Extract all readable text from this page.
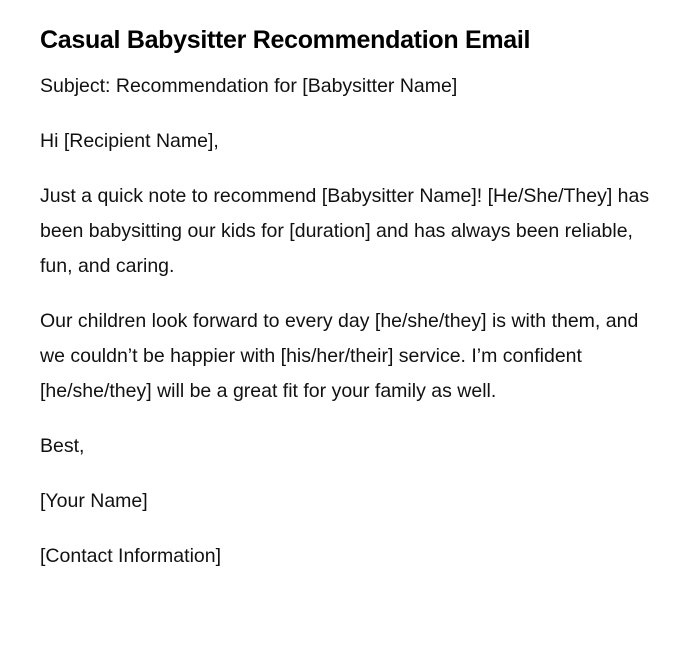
Casual Babysitter Recommendation Email

Subject: Recommendation for [Babysitter Name]

Hi [Recipient Name],

Just a quick note to recommend [Babysitter Name]! [He/She/They] has been babysitting our kids for [duration] and has always been reliable, fun, and caring.

Our children look forward to every day [he/she/they] is with them, and we couldn’t be happier with [his/her/their] service. I’m confident [he/she/they] will be a great fit for your family as well.

Best,

[Your Name]

[Contact Information]
